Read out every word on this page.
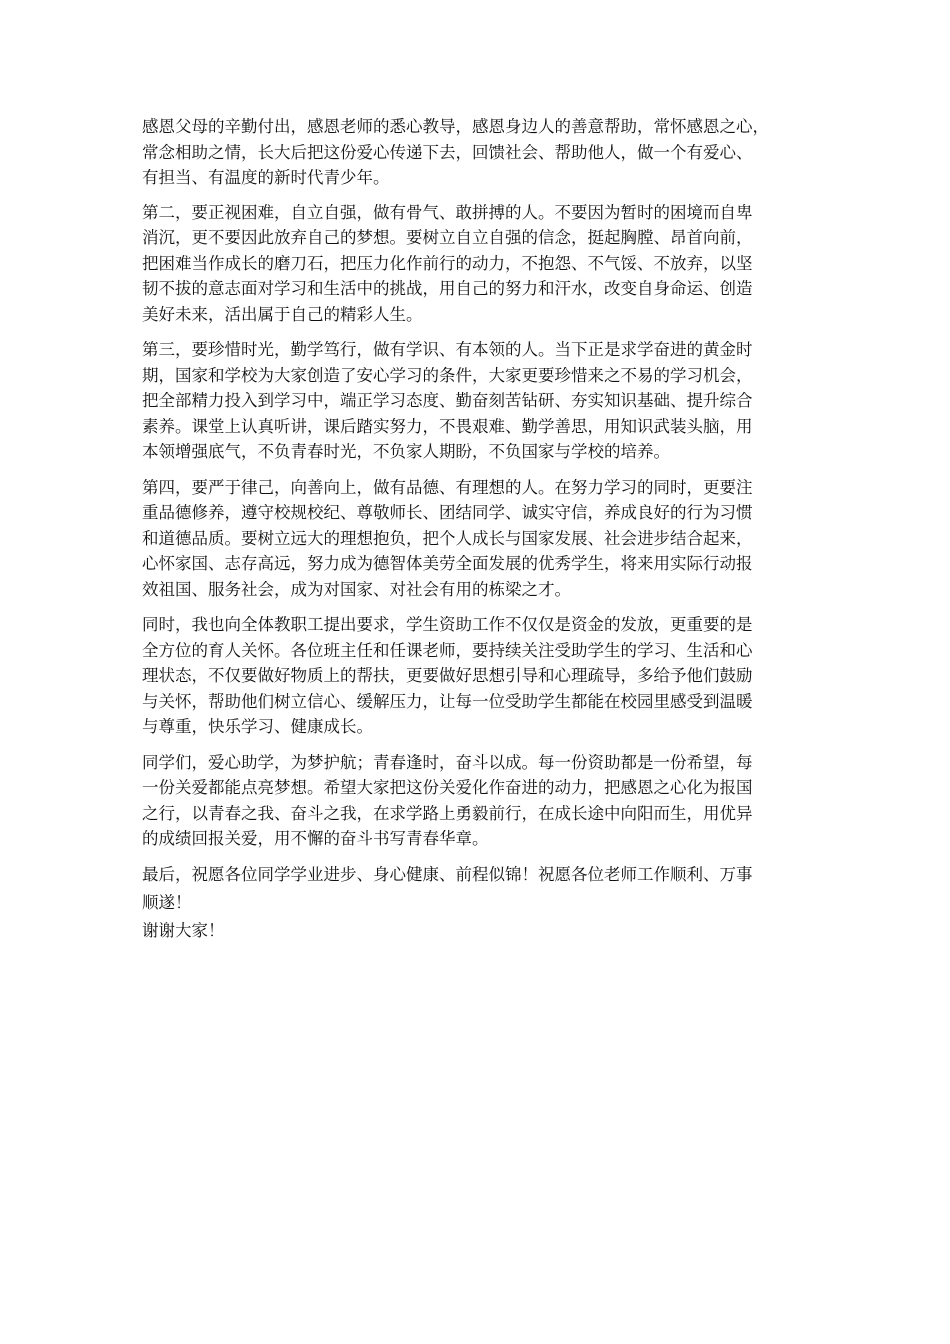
感恩父母的辛勤付出，感恩老师的悉心教导，感恩身边人的善意帮助，常怀感恩之心，
常念相助之情，长大后把这份爱心传递下去，回馈社会、帮助他人，做一个有爱心、
有担当、有温度的新时代青少年。

第二，要正视困难，自立自强，做有骨气、敢拼搏的人。不要因为暂时的困境而自卑
消沉，更不要因此放弃自己的梦想。要树立自立自强的信念，挺起胸膛、昂首向前，
把困难当作成长的磨刀石，把压力化作前行的动力，不抱怨、不气馁、不放弃，以坚
韧不拔的意志面对学习和生活中的挑战，用自己的努力和汗水，改变自身命运、创造
美好未来，活出属于自己的精彩人生。

第三，要珍惜时光，勤学笃行，做有学识、有本领的人。当下正是求学奋进的黄金时
期，国家和学校为大家创造了安心学习的条件，大家更要珍惜来之不易的学习机会，
把全部精力投入到学习中，端正学习态度、勤奋刻苦钻研、夯实知识基础、提升综合
素养。课堂上认真听讲，课后踏实努力，不畏艰难、勤学善思，用知识武装头脑，用
本领增强底气，不负青春时光，不负家人期盼，不负国家与学校的培养。

第四，要严于律己，向善向上，做有品德、有理想的人。在努力学习的同时，更要注
重品德修养，遵守校规校纪、尊敬师长、团结同学、诚实守信，养成良好的行为习惯
和道德品质。要树立远大的理想抱负，把个人成长与国家发展、社会进步结合起来，
心怀家国、志存高远，努力成为德智体美劳全面发展的优秀学生，将来用实际行动报
效祖国、服务社会，成为对国家、对社会有用的栋梁之才。

同时，我也向全体教职工提出要求，学生资助工作不仅仅是资金的发放，更重要的是
全方位的育人关怀。各位班主任和任课老师，要持续关注受助学生的学习、生活和心
理状态，不仅要做好物质上的帮扶，更要做好思想引导和心理疏导，多给予他们鼓励
与关怀，帮助他们树立信心、缓解压力，让每一位受助学生都能在校园里感受到温暖
与尊重，快乐学习、健康成长。

同学们，爱心助学，为梦护航；青春逢时，奋斗以成。每一份资助都是一份希望，每
一份关爱都能点亮梦想。希望大家把这份关爱化作奋进的动力，把感恩之心化为报国
之行，以青春之我、奋斗之我，在求学路上勇毅前行，在成长途中向阳而生，用优异
的成绩回报关爱，用不懈的奋斗书写青春华章。

最后，祝愿各位同学学业进步、身心健康、前程似锦！祝愿各位老师工作顺利、万事
顺遂！
谢谢大家！
